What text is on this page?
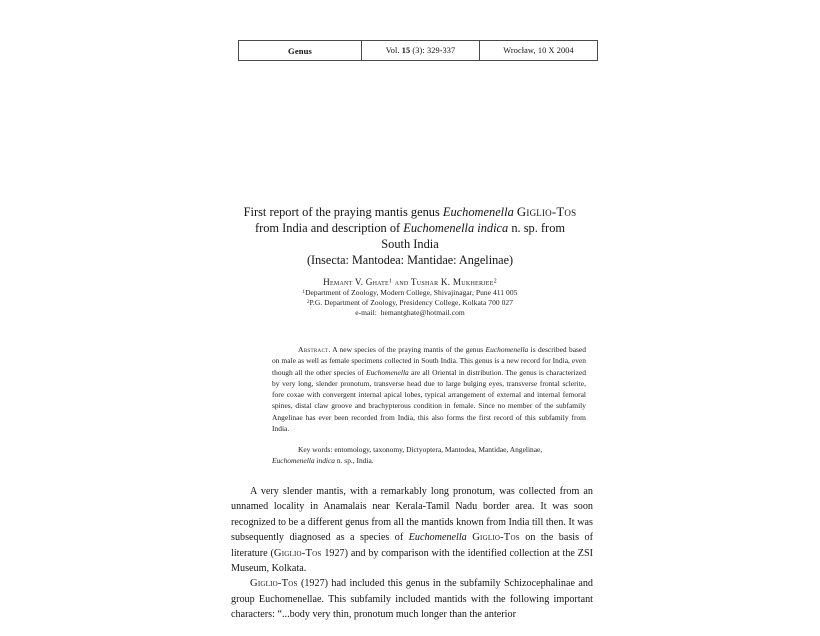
Genus	Vol. 15 (3): 329-337	Wrocław, 10 X 2004
First report of the praying mantis genus Euchomenella Giglio-Tos
from India and description of Euchomenella indica n. sp. from
South India
(Insecta: Mantodea: Mantidae: Angelinae)
Hemant V. Ghate$^1$ and Tushar K. Mukherjee$^2$
$^1$Department of Zoology, Modern College, Shivajinagar, Pune 411 005
$^2$P.G. Department of Zoology, Presidency College, Kolkata 700 027
e-mail: hemantghate@hotmail.com

Abstract. A new species of the praying mantis of the genus Euchomenella is described based on male as well as female specimens collected in South India. This genus is a new record for India, even though all the other species of Euchomenella are all Oriental in distribution. The genus is characterized by very long, slender pronotum, transverse head due to large bulging eyes, transverse frontal sclerite, fore coxae with convergent internal apical lobes, typical arrangement of external and internal femoral spines, distal claw groove and brachypterous condition in female. Since no member of the subfamily Angelinae has ever been recorded from India, this also forms the first record of this subfamily from India.

Key words: entomology, taxonomy, Dictyoptera, Mantodea, Mantidae, Angelinae, Euchomenella indica n. sp., India.

A very slender mantis, with a remarkably long pronotum, was collected from an unnamed locality in Anamalais near Kerala-Tamil Nadu border area. It was soon recognized to be a different genus from all the mantids known from India till then. It was subsequently diagnosed as a species of Euchomenella Giglio-Tos on the basis of literature (Giglio-Tos 1927) and by comparison with the identified collection at the ZSI Museum, Kolkata.

Giglio-Tos (1927) had included this genus in the subfamily Schizocephalinae and group Euchomenellae. This subfamily included mantids with the following important characters: “...body very thin, pronotum much longer than the anterior
